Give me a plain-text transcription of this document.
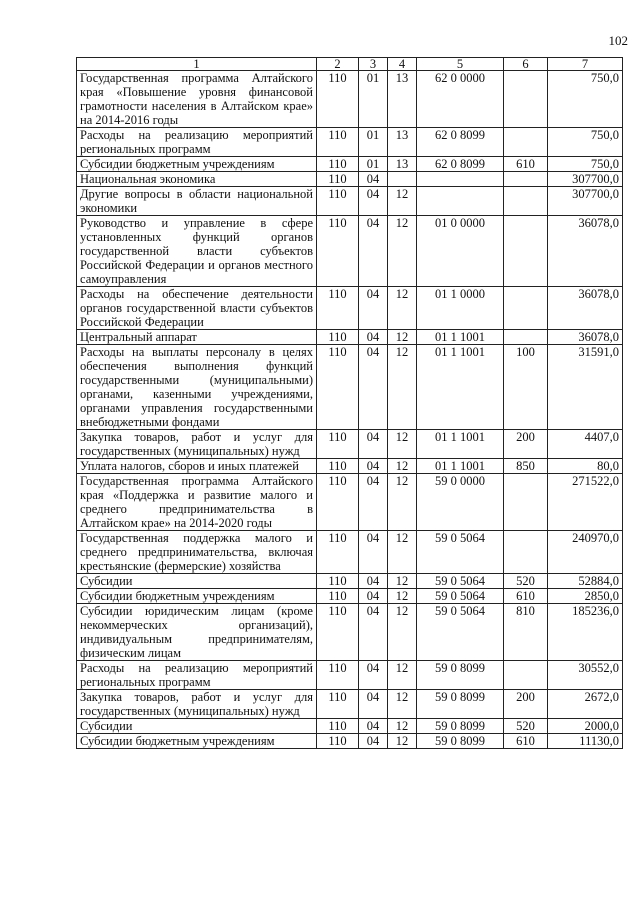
102
1	2	3	4	5	6	7
Государственная программа Алтайского края «Повышение уровня финансовой грамотности населения в Алтайском крае» на 2014-2016 годы	110	01	13	62 0 0000		750,0
Расходы на реализацию мероприятий региональных программ	110	01	13	62 0 8099		750,0
Субсидии бюджетным учреждениям	110	01	13	62 0 8099	610	750,0
Национальная экономика	110	04				307700,0
Другие вопросы в области национальной экономики	110	04	12			307700,0
Руководство и управление в сфере установленных функций органов государственной власти субъектов Российской Федерации и органов местного самоуправления	110	04	12	01 0 0000		36078,0
Расходы на обеспечение деятельности органов государственной власти субъектов Российской Федерации	110	04	12	01 1 0000		36078,0
Центральный аппарат	110	04	12	01 1 1001		36078,0
Расходы на выплаты персоналу в целях обеспечения выполнения функций государственными (муниципальными) органами, казенными учреждениями, органами управления государственными внебюджетными фондами	110	04	12	01 1 1001	100	31591,0
Закупка товаров, работ и услуг для государственных (муниципальных) нужд	110	04	12	01 1 1001	200	4407,0
Уплата налогов, сборов и иных платежей	110	04	12	01 1 1001	850	80,0
Государственная программа Алтайского края «Поддержка и развитие малого и среднего предпринимательства в Алтайском крае» на 2014-2020 годы	110	04	12	59 0 0000		271522,0
Государственная поддержка малого и среднего предпринимательства, включая крестьянские (фермерские) хозяйства	110	04	12	59 0 5064		240970,0
Субсидии	110	04	12	59 0 5064	520	52884,0
Субсидии бюджетным учреждениям	110	04	12	59 0 5064	610	2850,0
Субсидии юридическим лицам (кроме некоммерческих организаций), индивидуальным предпринимателям, физическим лицам	110	04	12	59 0 5064	810	185236,0
Расходы на реализацию мероприятий региональных программ	110	04	12	59 0 8099		30552,0
Закупка товаров, работ и услуг для государственных (муниципальных) нужд	110	04	12	59 0 8099	200	2672,0
Субсидии	110	04	12	59 0 8099	520	2000,0
Субсидии бюджетным учреждениям	110	04	12	59 0 8099	610	11130,0
